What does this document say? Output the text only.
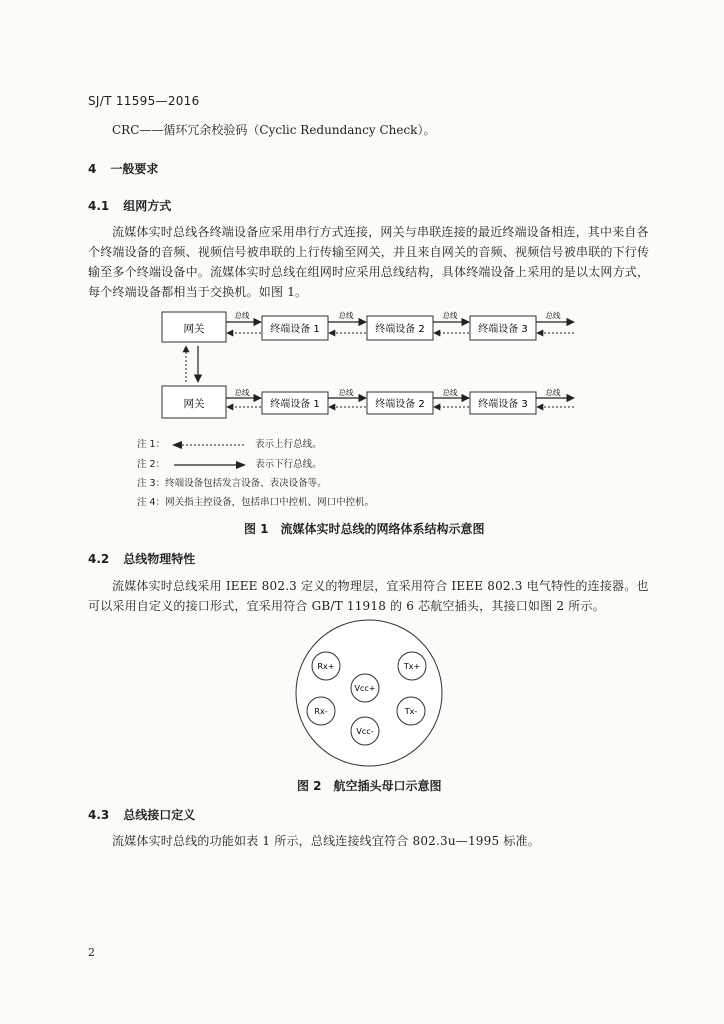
SJ/T 11595—2016
CRC——循环冗余校验码（Cyclic Redundancy Check）。
4 一般要求
4.1 组网方式
流媒体实时总线各终端设备应采用串行方式连接，网关与串联连接的最近终端设备相连，其中来自各个终端设备的音频、视频信号被串联的上行传输至网关，并且来自网关的音频、视频信号被串联的下行传输至多个终端设备中。流媒体实时总线在组网时应采用总线结构，具体终端设备上采用的是以太网方式，每个终端设备都相当于交换机。如图 1。
网关	终端设备 1	终端设备 2	终端设备 3
总线	总线	总线	总线
网关	终端设备 1	终端设备 2	终端设备 3
总线	总线	总线	总线
注 1：	表示上行总线。
注 2：	表示下行总线。
注 3：终端设备包括发言设备、表决设备等。
注 4：网关指主控设备，包括串口中控机、网口中控机。
图 1　流媒体实时总线的网络体系结构示意图
4.2 总线物理特性
流媒体实时总线采用 IEEE 802.3 定义的物理层，宜采用符合 IEEE 802.3 电气特性的连接器。也可以采用自定义的接口形式，宜采用符合 GB/T 11918 的 6 芯航空插头，其接口如图 2 所示。
Rx+	Tx+
Vcc+
Rx-	Tx-
Vcc-
图 2　航空插头母口示意图
4.3 总线接口定义
流媒体实时总线的功能如表 1 所示，总线连接线宜符合 802.3u—1995 标准。
2
